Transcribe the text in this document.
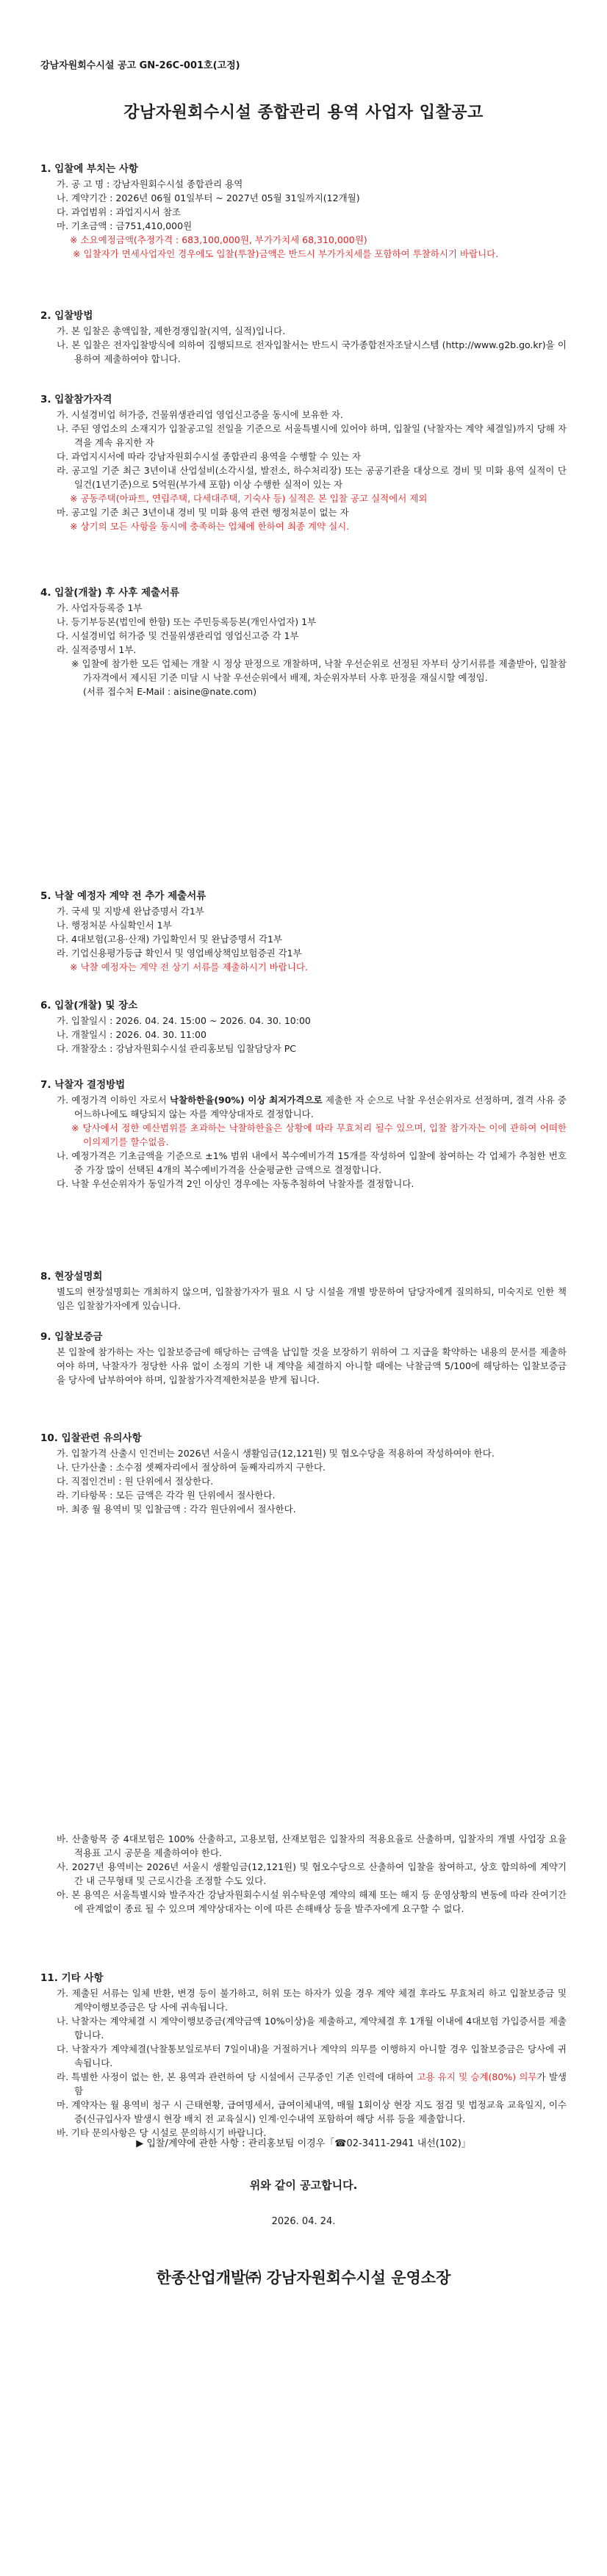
강남자원회수시설 공고 GN-26C-001호(고정)
강남자원회수시설 종합관리 용역 사업자 입찰공고

1. 입찰에 부치는 사항

가. 공 고 명 : 강남자원회수시설 종합관리 용역

나. 계약기간 : 2026년 06월 01일부터 ~ 2027년 05월 31일까지(12개월)

다. 과업범위 : 과업지시서 참조

마. 기초금액 : 금751,410,000원

※ 소요예정금액(추정가격 : 683,100,000원, 부가가치세 68,310,000원)

※ 입찰자가 면세사업자인 경우에도 입찰(투찰)금액은 반드시 부가가치세를 포함하여 투찰하시기 바랍니다.

2. 입찰방법

가. 본 입찰은 총액입찰, 제한경쟁입찰(지역, 실적)입니다.

나. 본 입찰은 전자입찰방식에 의하여 집행되므로 전자입찰서는 반드시 국가종합전자조달시스템 (http://www.g2b.go.kr)을 이용하여 제출하여야 합니다.

3. 입찰참가자격

가. 시설경비업 허가증, 건물위생관리업 영업신고증을 동시에 보유한 자.

나. 주된 영업소의 소재지가 입찰공고일 전일을 기준으로 서울특별시에 있어야 하며, 입찰일 (낙찰자는 계약 체결일)까지 당해 자격을 계속 유지한 자

다. 과업지시서에 따라 강남자원회수시설 종합관리 용역을 수행할 수 있는 자

라. 공고일 기준 최근 3년이내 산업설비(소각시설, 발전소, 하수처리장) 또는 공공기관을 대상으로 경비 및 미화 용역 실적이 단일건(1년기준)으로 5억원(부가세 포함) 이상 수행한 실적이 있는 자

※ 공동주택(아파트, 연립주택, 다세대주택, 기숙사 등) 실적은 본 입찰 공고 실적에서 제외

마. 공고일 기준 최근 3년이내 경비 및 미화 용역 관련 행정처분이 없는 자

※ 상기의 모든 사항을 동시에 충족하는 업체에 한하여 최종 계약 실시.

4. 입찰(개찰) 후 사후 제출서류

가. 사업자등록증 1부

나. 등기부등본(법인에 한함) 또는 주민등록등본(개인사업자) 1부

다. 시설경비업 허가증 및 건물위생관리업 영업신고증 각 1부

라. 실적증명서 1부.

※ 입찰에 참가한 모든 업체는 개찰 시 정상 판정으로 개찰하며, 낙찰 우선순위로 선정된 자부터 상기서류를 제출받아, 입찰참가자격에서 제시된 기준 미달 시 낙찰 우선순위에서 배제, 차순위자부터 사후 판정을 재실시할 예정임.

(서류 접수처 E-Mail : aisine@nate.com)

5. 낙찰 예정자 계약 전 추가 제출서류

가. 국세 및 지방세 완납증명서 각1부

나. 행정처분 사실확인서 1부

다. 4대보험(고용·산재) 가입확인서 및 완납증명서 각1부

라. 기업신용평가등급 확인서 및 영업배상책임보험증권 각1부

※ 낙찰 예정자는 계약 전 상기 서류를 제출하시기 바랍니다.

6. 입찰(개찰) 및 장소

가. 입찰일시 : 2026. 04. 24. 15:00 ~ 2026. 04. 30. 10:00

나. 개찰일시 : 2026. 04. 30. 11:00

다. 개찰장소 : 강남자원회수시설 관리홍보팀 입찰담당자 PC

7. 낙찰자 결정방법

가. 예정가격 이하인 자로서 낙찰하한율(90%) 이상 최저가격으로 제출한 자 순으로 낙찰 우선순위자로 선정하며, 결격 사유 중 어느하나에도 해당되지 않는 자를 계약상대자로 결정합니다.

※ 당사에서 정한 예산범위를 초과하는 낙찰하한율은 상황에 따라 무효처리 될수 있으며, 입찰 참가자는 이에 관하여 어떠한 이의제기를 할수없음.

나. 예정가격은 기초금액을 기준으로 ±1% 범위 내에서 복수예비가격 15개를 작성하여 입찰에 참여하는 각 업체가 추첨한 번호 중 가장 많이 선택된 4개의 복수예비가격을 산술평균한 금액으로 결정합니다.

다. 낙찰 우선순위자가 동일가격 2인 이상인 경우에는 자동추첨하여 낙찰자를 결정합니다.

8. 현장설명회

별도의 현장설명회는 개최하지 않으며, 입찰참가자가 필요 시 당 시설을 개별 방문하여 담당자에게 질의하되, 미숙지로 인한 책임은 입찰참가자에게 있습니다.

9. 입찰보증금

본 입찰에 참가하는 자는 입찰보증금에 해당하는 금액을 납입할 것을 보장하기 위하여 그 지급을 확약하는 내용의 문서를 제출하여야 하며, 낙찰자가 정당한 사유 없이 소정의 기한 내 계약을 체결하지 아니할 때에는 낙찰금액 5/100에 해당하는 입찰보증금을 당사에 납부하여야 하며, 입찰참가자격제한처분을 받게 됩니다.

10. 입찰관련 유의사항

가. 입찰가격 산출시 인건비는 2026년 서울시 생활임금(12,121원) 및 협오수당을 적용하여 작성하여야 한다.

나. 단가산출 : 소수점 셋째자리에서 절상하여 둘째자리까지 구한다.

다. 직접인건비 : 원 단위에서 절상한다.

라. 기타항목 : 모든 금액은 각각 원 단위에서 절사한다.

마. 최종 월 용역비 및 입찰금액 : 각각 원단위에서 절사한다.

바. 산출항목 중 4대보험은 100% 산출하고, 고용보험, 산재보험은 입찰자의 적용요율로 산출하며, 입찰자의 개별 사업장 요율적용표 고시 공문을 제출하여야 한다.

사. 2027년 용역비는 2026년 서울시 생활임금(12,121원) 및 협오수당으로 산출하여 입찰을 참여하고, 상호 합의하에 계약기간 내 근무형태 및 근로시간을 조정할 수도 있다.

아. 본 용역은 서울특별시와 발주자간 강남자원회수시설 위수탁운영 계약의 해제 또는 해지 등 운영상황의 변동에 따라 잔여기간에 관계없이 종료 될 수 있으며 계약상대자는 이에 따른 손해배상 등을 발주자에게 요구할 수 없다.

11. 기타 사항

가. 제출된 서류는 일체 반환, 변경 등이 불가하고, 허위 또는 하자가 있을 경우 계약 체결 후라도 무효처리 하고 입찰보증금 및 계약이행보증금은 당 사에 귀속됩니다.

나. 낙찰자는 계약체결 시 계약이행보증금(계약금액 10%이상)을 제출하고, 계약체결 후 1개월 이내에 4대보험 가입증서를 제출합니다.

다. 낙찰자가 계약체결(낙찰통보일로부터 7일이내)을 거절하거나 계약의 의무를 이행하지 아니할 경우 입찰보증금은 당사에 귀속됩니다.

라. 특별한 사정이 없는 한, 본 용역과 관련하여 당 시설에서 근무중인 기존 인력에 대하여 고용 유지 및 승계(80%) 의무가 발생함

마. 계약자는 월 용역비 청구 시 근태현황, 급여명세서, 급여이체내역, 매월 1회이상 현장 지도 점검 및 법정교육 교육일지, 이수증(신규입사자 발생시 현장 배치 전 교육실시) 인계·인수내역 포함하여 해당 서류 등을 제출합니다.

바. 기타 문의사항은 당 시설로 문의하시기 바랍니다.

▶ 입찰/계약에 관한 사항 : 관리홍보팀 이경우「☎02-3411-2941 내선(102)」
위와 같이 공고합니다.
2026. 04. 24.
한종산업개발㈜ 강남자원회수시설 운영소장
